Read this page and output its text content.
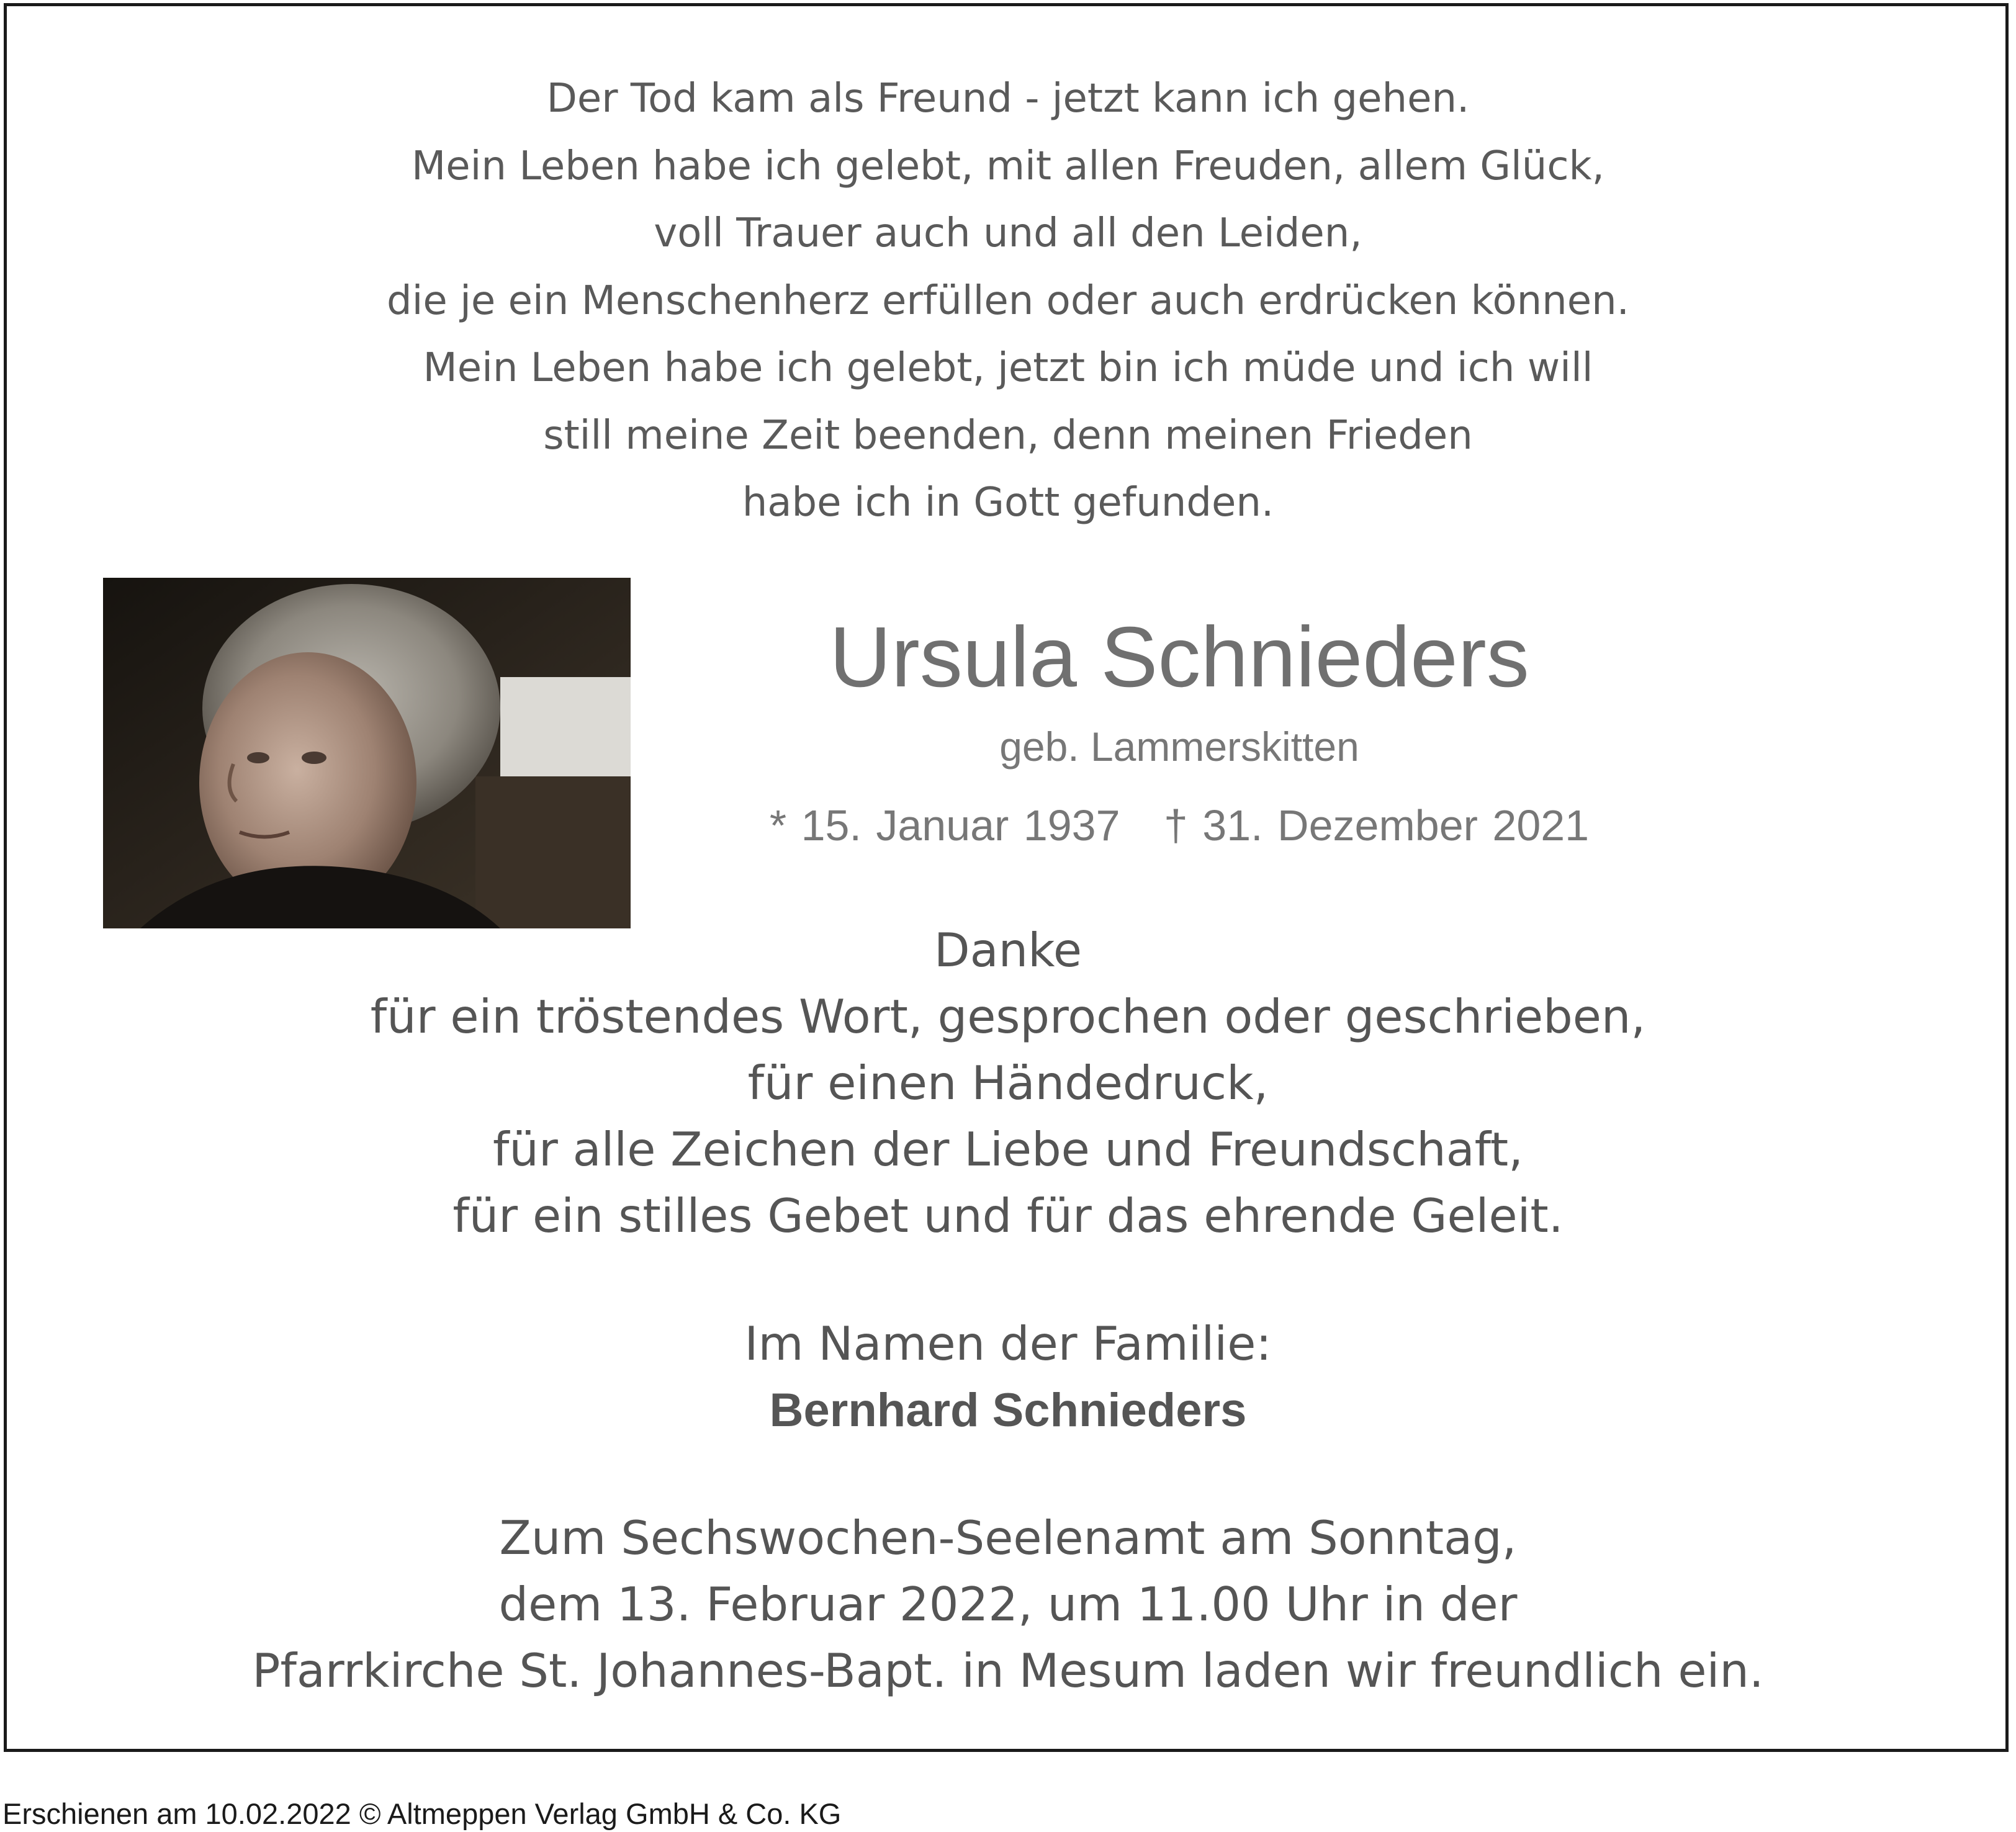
Der Tod kam als Freund - jetzt kann ich gehen.
Mein Leben habe ich gelebt, mit allen Freuden, allem Glück,
voll Trauer auch und all den Leiden,
die je ein Menschenherz erfüllen oder auch erdrücken können.
Mein Leben habe ich gelebt, jetzt bin ich müde und ich will
still meine Zeit beenden, denn meinen Frieden
habe ich in Gott gefunden.
Ursula Schnieders
geb. Lammerskitten
* 15. Januar 1937 † 31. Dezember 2021
Danke
für ein tröstendes Wort, gesprochen oder geschrieben,
für einen Händedruck,
für alle Zeichen der Liebe und Freundschaft,
für ein stilles Gebet und für das ehrende Geleit.
Im Namen der Familie:
Bernhard Schnieders
Zum Sechswochen-Seelenamt am Sonntag,
dem 13. Februar 2022, um 11.00 Uhr in der
Pfarrkirche St. Johannes-Bapt. in Mesum laden wir freundlich ein.
Erschienen am 10.02.2022 © Altmeppen Verlag GmbH & Co. KG
